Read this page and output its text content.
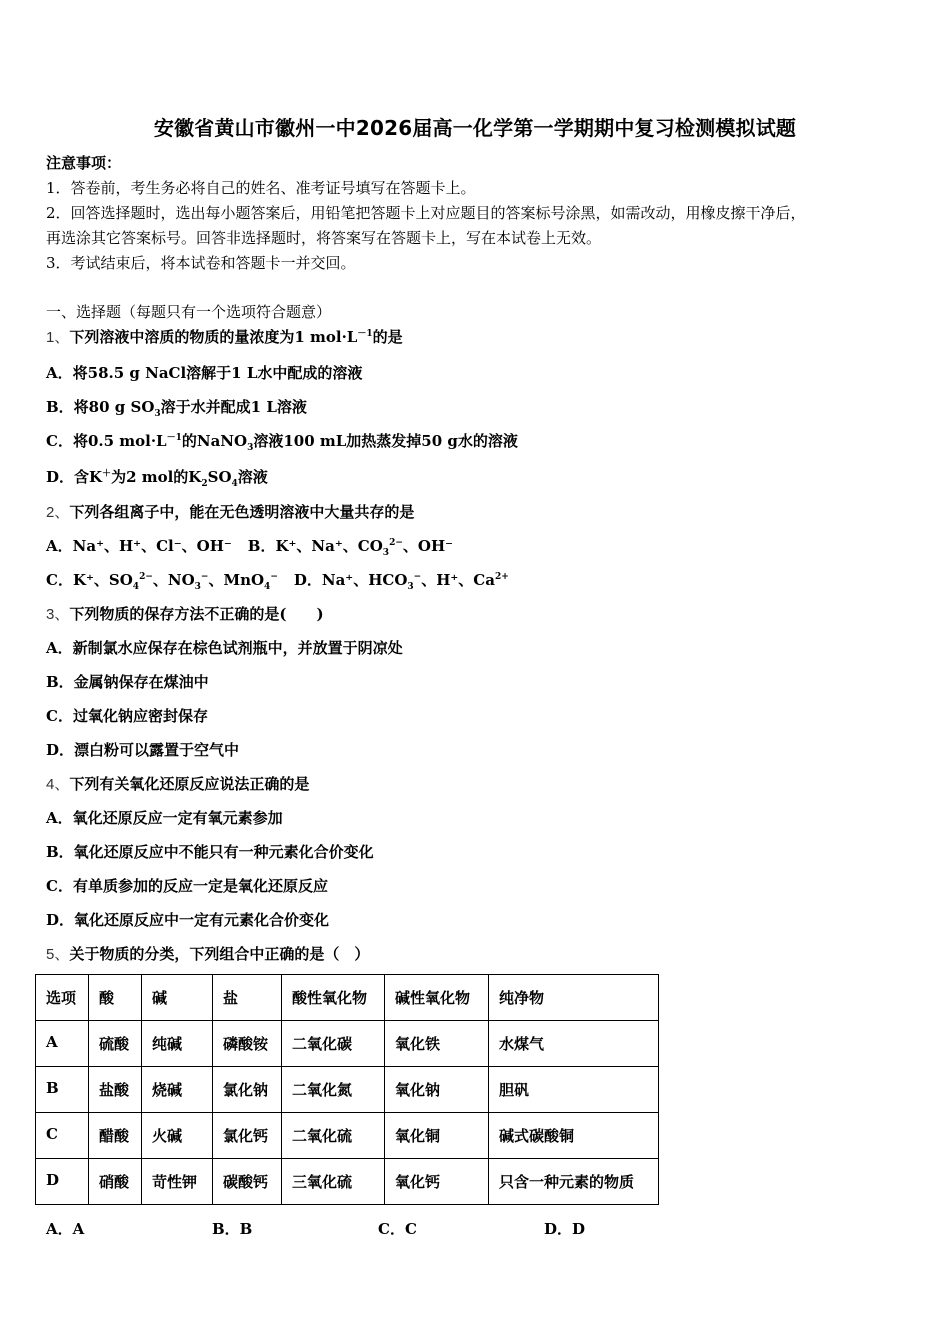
安徽省黄山市徽州一中2026届高一化学第一学期期中复习检测模拟试题
注意事项：
1．答卷前，考生务必将自己的姓名、准考证号填写在答题卡上。
2．回答选择题时，选出每小题答案后，用铅笔把答题卡上对应题目的答案标号涂黑，如需改动，用橡皮擦干净后，
再选涂其它答案标号。回答非选择题时，将答案写在答题卡上，写在本试卷上无效。
3．考试结束后，将本试卷和答题卡一并交回。
一、选择题（每题只有一个选项符合题意）
1、下列溶液中溶质的物质的量浓度为1 $mol\cdot L^{-1}$的是
A．将58.5 g NaCl溶解于1 L水中配成的溶液
B．将80 g $SO_3$溶于水并配成1 L溶液
C．将0.5 $mol\cdot L^{-1}$的NaNO$_3$溶液100 mL加热蒸发掉50 g水的溶液
D．含K＋为2 mol的$K_2SO_4$溶液
2、下列各组离子中，能在无色透明溶液中大量共存的是
A．Na⁺、H⁺、Cl⁻、OH⁻ B．K⁺、Na⁺、$CO_3^{2-}$、OH⁻
C．K⁺、$SO_4^{2-}$、$NO_3^-$、MnO$_4$− D．Na⁺、$HCO_3^-$、H⁺、$Ca^{2+}$
3、下列物质的保存方法不正确的是(　　)
A．新制氯水应保存在棕色试剂瓶中，并放置于阴凉处
B．金属钠保存在煤油中
C．过氧化钠应密封保存
D．漂白粉可以露置于空气中
4、下列有关氧化还原反应说法正确的是
A．氧化还原反应一定有氧元素参加
B．氧化还原反应中不能只有一种元素化合价变化
C．有单质参加的反应一定是氧化还原反应
D．氧化还原反应中一定有元素化合价变化
5、关于物质的分类，下列组合中正确的是（　）
选项	酸	碱	盐	酸性氧化物	碱性氧化物	纯净物
A	硫酸	纯碱	磷酸铵	二氧化碳	氧化铁	水煤气
B	盐酸	烧碱	氯化钠	二氧化氮	氧化钠	胆矾
C	醋酸	火碱	氯化钙	二氧化硫	氧化铜	碱式碳酸铜
D	硝酸	苛性钾	碳酸钙	三氧化硫	氧化钙	只含一种元素的物质
A．A	B．B	C．C	D．D
